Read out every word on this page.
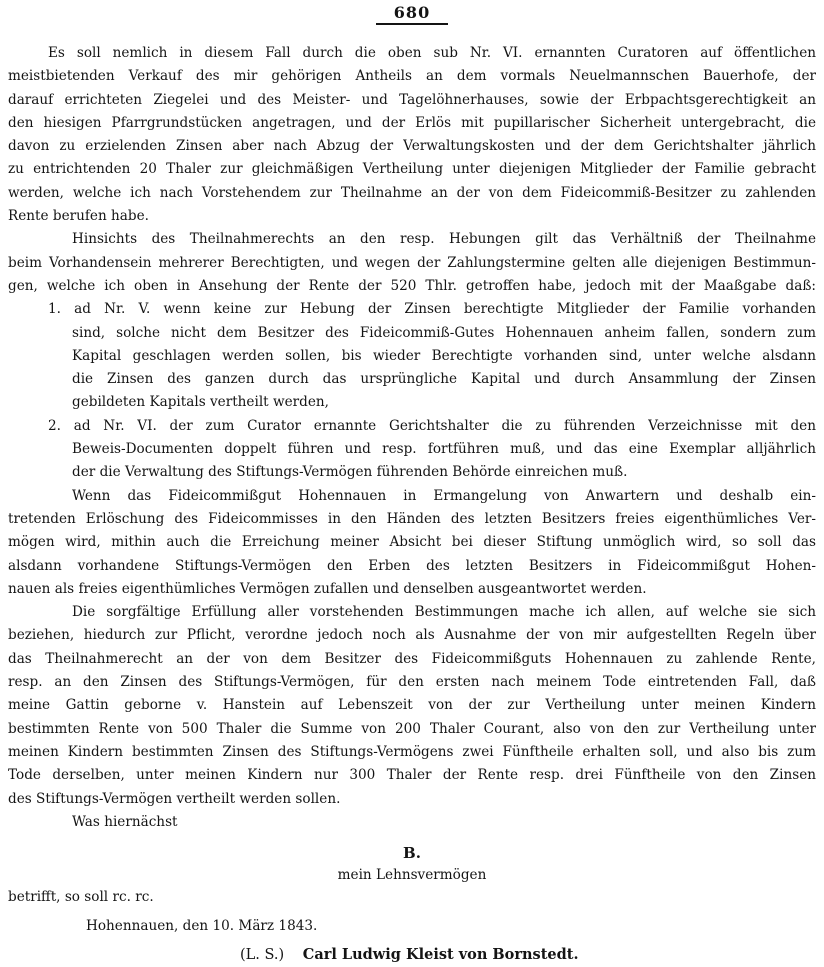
680
Es soll nemlich in diesem Fall durch die oben sub Nr. VI. ernannten Curatoren auf öffentlichen
meistbietenden Verkauf des mir gehörigen Antheils an dem vormals Neuelmannschen Bauerhofe, der
darauf errichteten Ziegelei und des Meister- und Tagelöhnerhauses, sowie der Erbpachtsgerechtigkeit an
den hiesigen Pfarrgrundstücken angetragen, und der Erlös mit pupillarischer Sicherheit untergebracht, die
davon zu erzielenden Zinsen aber nach Abzug der Verwaltungskosten und der dem Gerichtshalter jährlich
zu entrichtenden 20 Thaler zur gleichmäßigen Vertheilung unter diejenigen Mitglieder der Familie gebracht
werden, welche ich nach Vorstehendem zur Theilnahme an der von dem Fideicommiß-Besitzer zu zahlenden
Rente berufen habe.
Hinsichts des Theilnahmerechts an den resp. Hebungen gilt das Verhältniß der Theilnahme
beim Vorhandensein mehrerer Berechtigten, und wegen der Zahlungstermine gelten alle diejenigen Bestimmun-
gen, welche ich oben in Ansehung der Rente der 520 Thlr. getroffen habe, jedoch mit der Maaßgabe daß:
1. ad Nr. V. wenn keine zur Hebung der Zinsen berechtigte Mitglieder der Familie vorhanden
sind, solche nicht dem Besitzer des Fideicommiß-Gutes Hohennauen anheim fallen, sondern zum
Kapital geschlagen werden sollen, bis wieder Berechtigte vorhanden sind, unter welche alsdann
die Zinsen des ganzen durch das ursprüngliche Kapital und durch Ansammlung der Zinsen
gebildeten Kapitals vertheilt werden,
2. ad Nr. VI. der zum Curator ernannte Gerichtshalter die zu führenden Verzeichnisse mit den
Beweis-Documenten doppelt führen und resp. fortführen muß, und das eine Exemplar alljährlich
der die Verwaltung des Stiftungs-Vermögen führenden Behörde einreichen muß.
Wenn das Fideicommißgut Hohennauen in Ermangelung von Anwartern und deshalb ein-
tretenden Erlöschung des Fideicommisses in den Händen des letzten Besitzers freies eigenthümliches Ver-
mögen wird, mithin auch die Erreichung meiner Absicht bei dieser Stiftung unmöglich wird, so soll das
alsdann vorhandene Stiftungs-Vermögen den Erben des letzten Besitzers in Fideicommißgut Hohen-
nauen als freies eigenthümliches Vermögen zufallen und denselben ausgeantwortet werden.
Die sorgfältige Erfüllung aller vorstehenden Bestimmungen mache ich allen, auf welche sie sich
beziehen, hiedurch zur Pflicht, verordne jedoch noch als Ausnahme der von mir aufgestellten Regeln über
das Theilnahmerecht an der von dem Besitzer des Fideicommißguts Hohennauen zu zahlende Rente,
resp. an den Zinsen des Stiftungs-Vermögen, für den ersten nach meinem Tode eintretenden Fall, daß
meine Gattin geborne v. Hanstein auf Lebenszeit von der zur Vertheilung unter meinen Kindern
bestimmten Rente von 500 Thaler die Summe von 200 Thaler Courant, also von den zur Vertheilung unter
meinen Kindern bestimmten Zinsen des Stiftungs-Vermögens zwei Fünftheile erhalten soll, und also bis zum
Tode derselben, unter meinen Kindern nur 300 Thaler der Rente resp. drei Fünftheile von den Zinsen
des Stiftungs-Vermögen vertheilt werden sollen.
Was hiernächst
B.
mein Lehnsvermögen
betrifft, so soll rc. rc.
Hohennauen, den 10. März 1843.
(L. S.) Carl Ludwig Kleist von Bornstedt.
